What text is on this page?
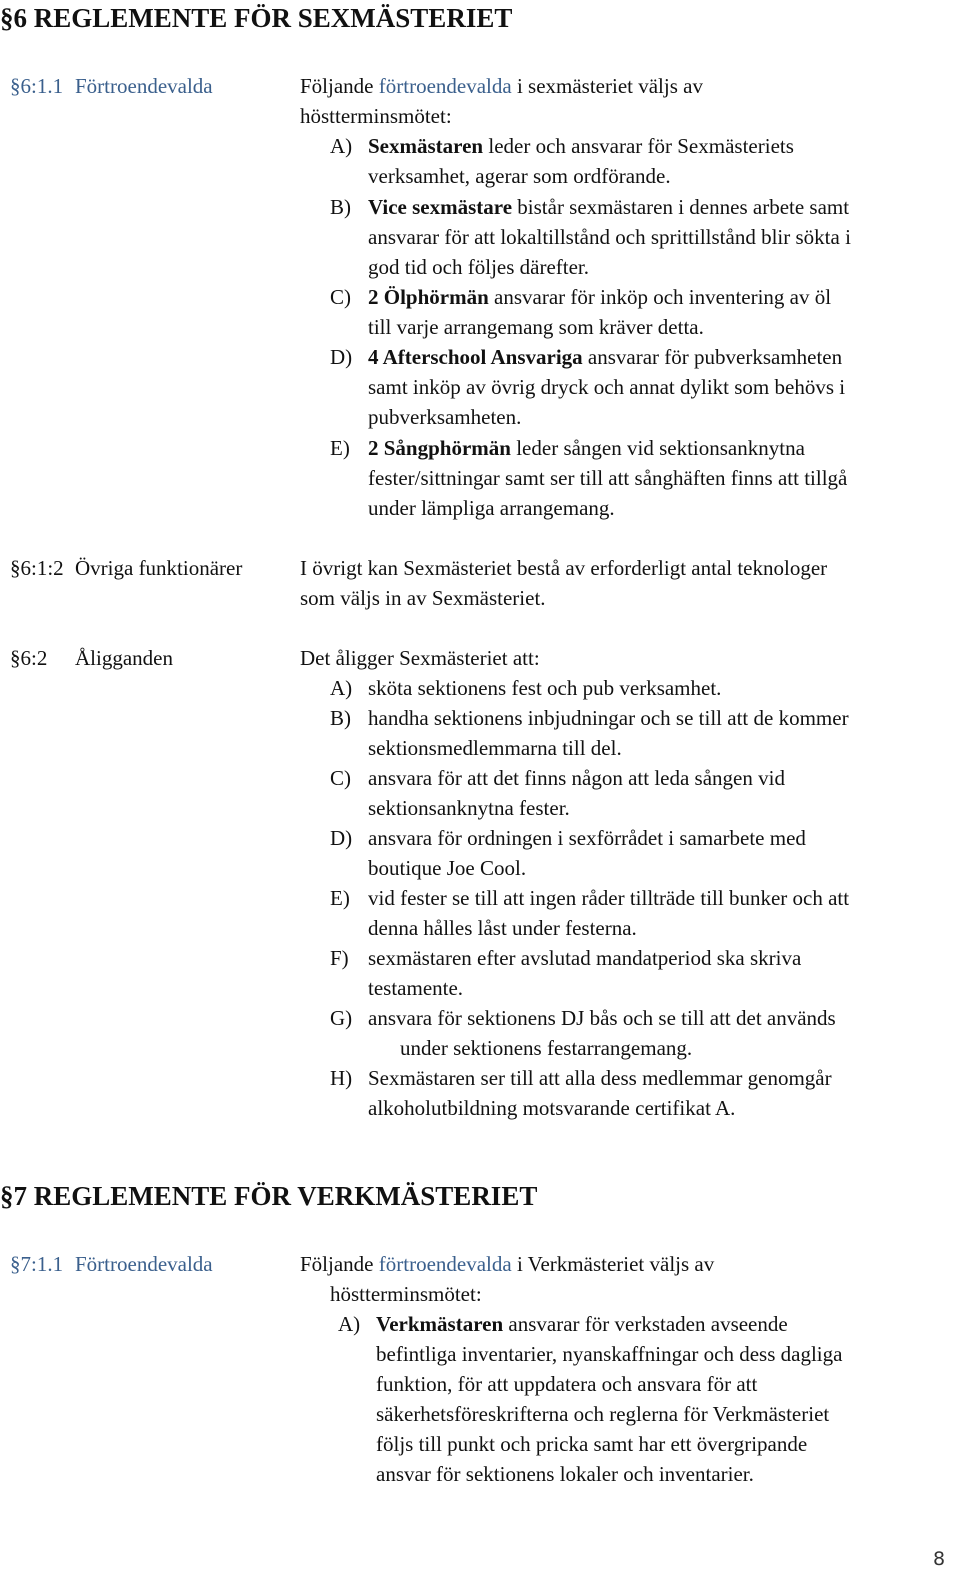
§6 REGLEMENTE FÖR SEXMÄSTERIET
§6:1.1 Förtroendevalda	Följande förtroendevalda i sexmästeriet väljs av
höstterminsmötet:
A) Sexmästaren leder och ansvarar för Sexmästeriets
verksamhet, agerar som ordförande.
B) Vice sexmästare bistår sexmästaren i dennes arbete samt
ansvarar för att lokaltillstånd och sprittillstånd blir sökta i
god tid och följes därefter.
C) 2 Ölphörmän ansvarar för inköp och inventering av öl
till varje arrangemang som kräver detta.
D) 4 Afterschool Ansvariga ansvarar för pubverksamheten
samt inköp av övrig dryck och annat dylikt som behövs i
pubverksamheten.
E) 2 Sångphörmän leder sången vid sektionsanknytna
fester/sittningar samt ser till att sånghäften finns att tillgå
under lämpliga arrangemang.
§6:1:2 Övriga funktionärer	I övrigt kan Sexmästeriet bestå av erforderligt antal teknologer
som väljs in av Sexmästeriet.
§6:2 Åligganden	Det åligger Sexmästeriet att:
A) sköta sektionens fest och pub verksamhet.
B) handha sektionens inbjudningar och se till att de kommer
sektionsmedlemmarna till del.
C) ansvara för att det finns någon att leda sången vid
sektionsanknytna fester.
D) ansvara för ordningen i sexförrådet i samarbete med
boutique Joe Cool.
E) vid fester se till att ingen råder tillträde till bunker och att
denna hålles låst under festerna.
F) sexmästaren efter avslutad mandatperiod ska skriva
testamente.
G) ansvara för sektionens DJ bås och se till att det används
under sektionens festarrangemang.
H) Sexmästaren ser till att alla dess medlemmar genomgår
alkoholutbildning motsvarande certifikat A.
§7 REGLEMENTE FÖR VERKMÄSTERIET
§7:1.1 Förtroendevalda	Följande förtroendevalda i Verkmästeriet väljs av
höstterminsmötet:
A) Verkmästaren ansvarar för verkstaden avseende
befintliga inventarier, nyanskaffningar och dess dagliga
funktion, för att uppdatera och ansvara för att
säkerhetsföreskrifterna och reglerna för Verkmästeriet
följs till punkt och pricka samt har ett övergripande
ansvar för sektionens lokaler och inventarier.
8
